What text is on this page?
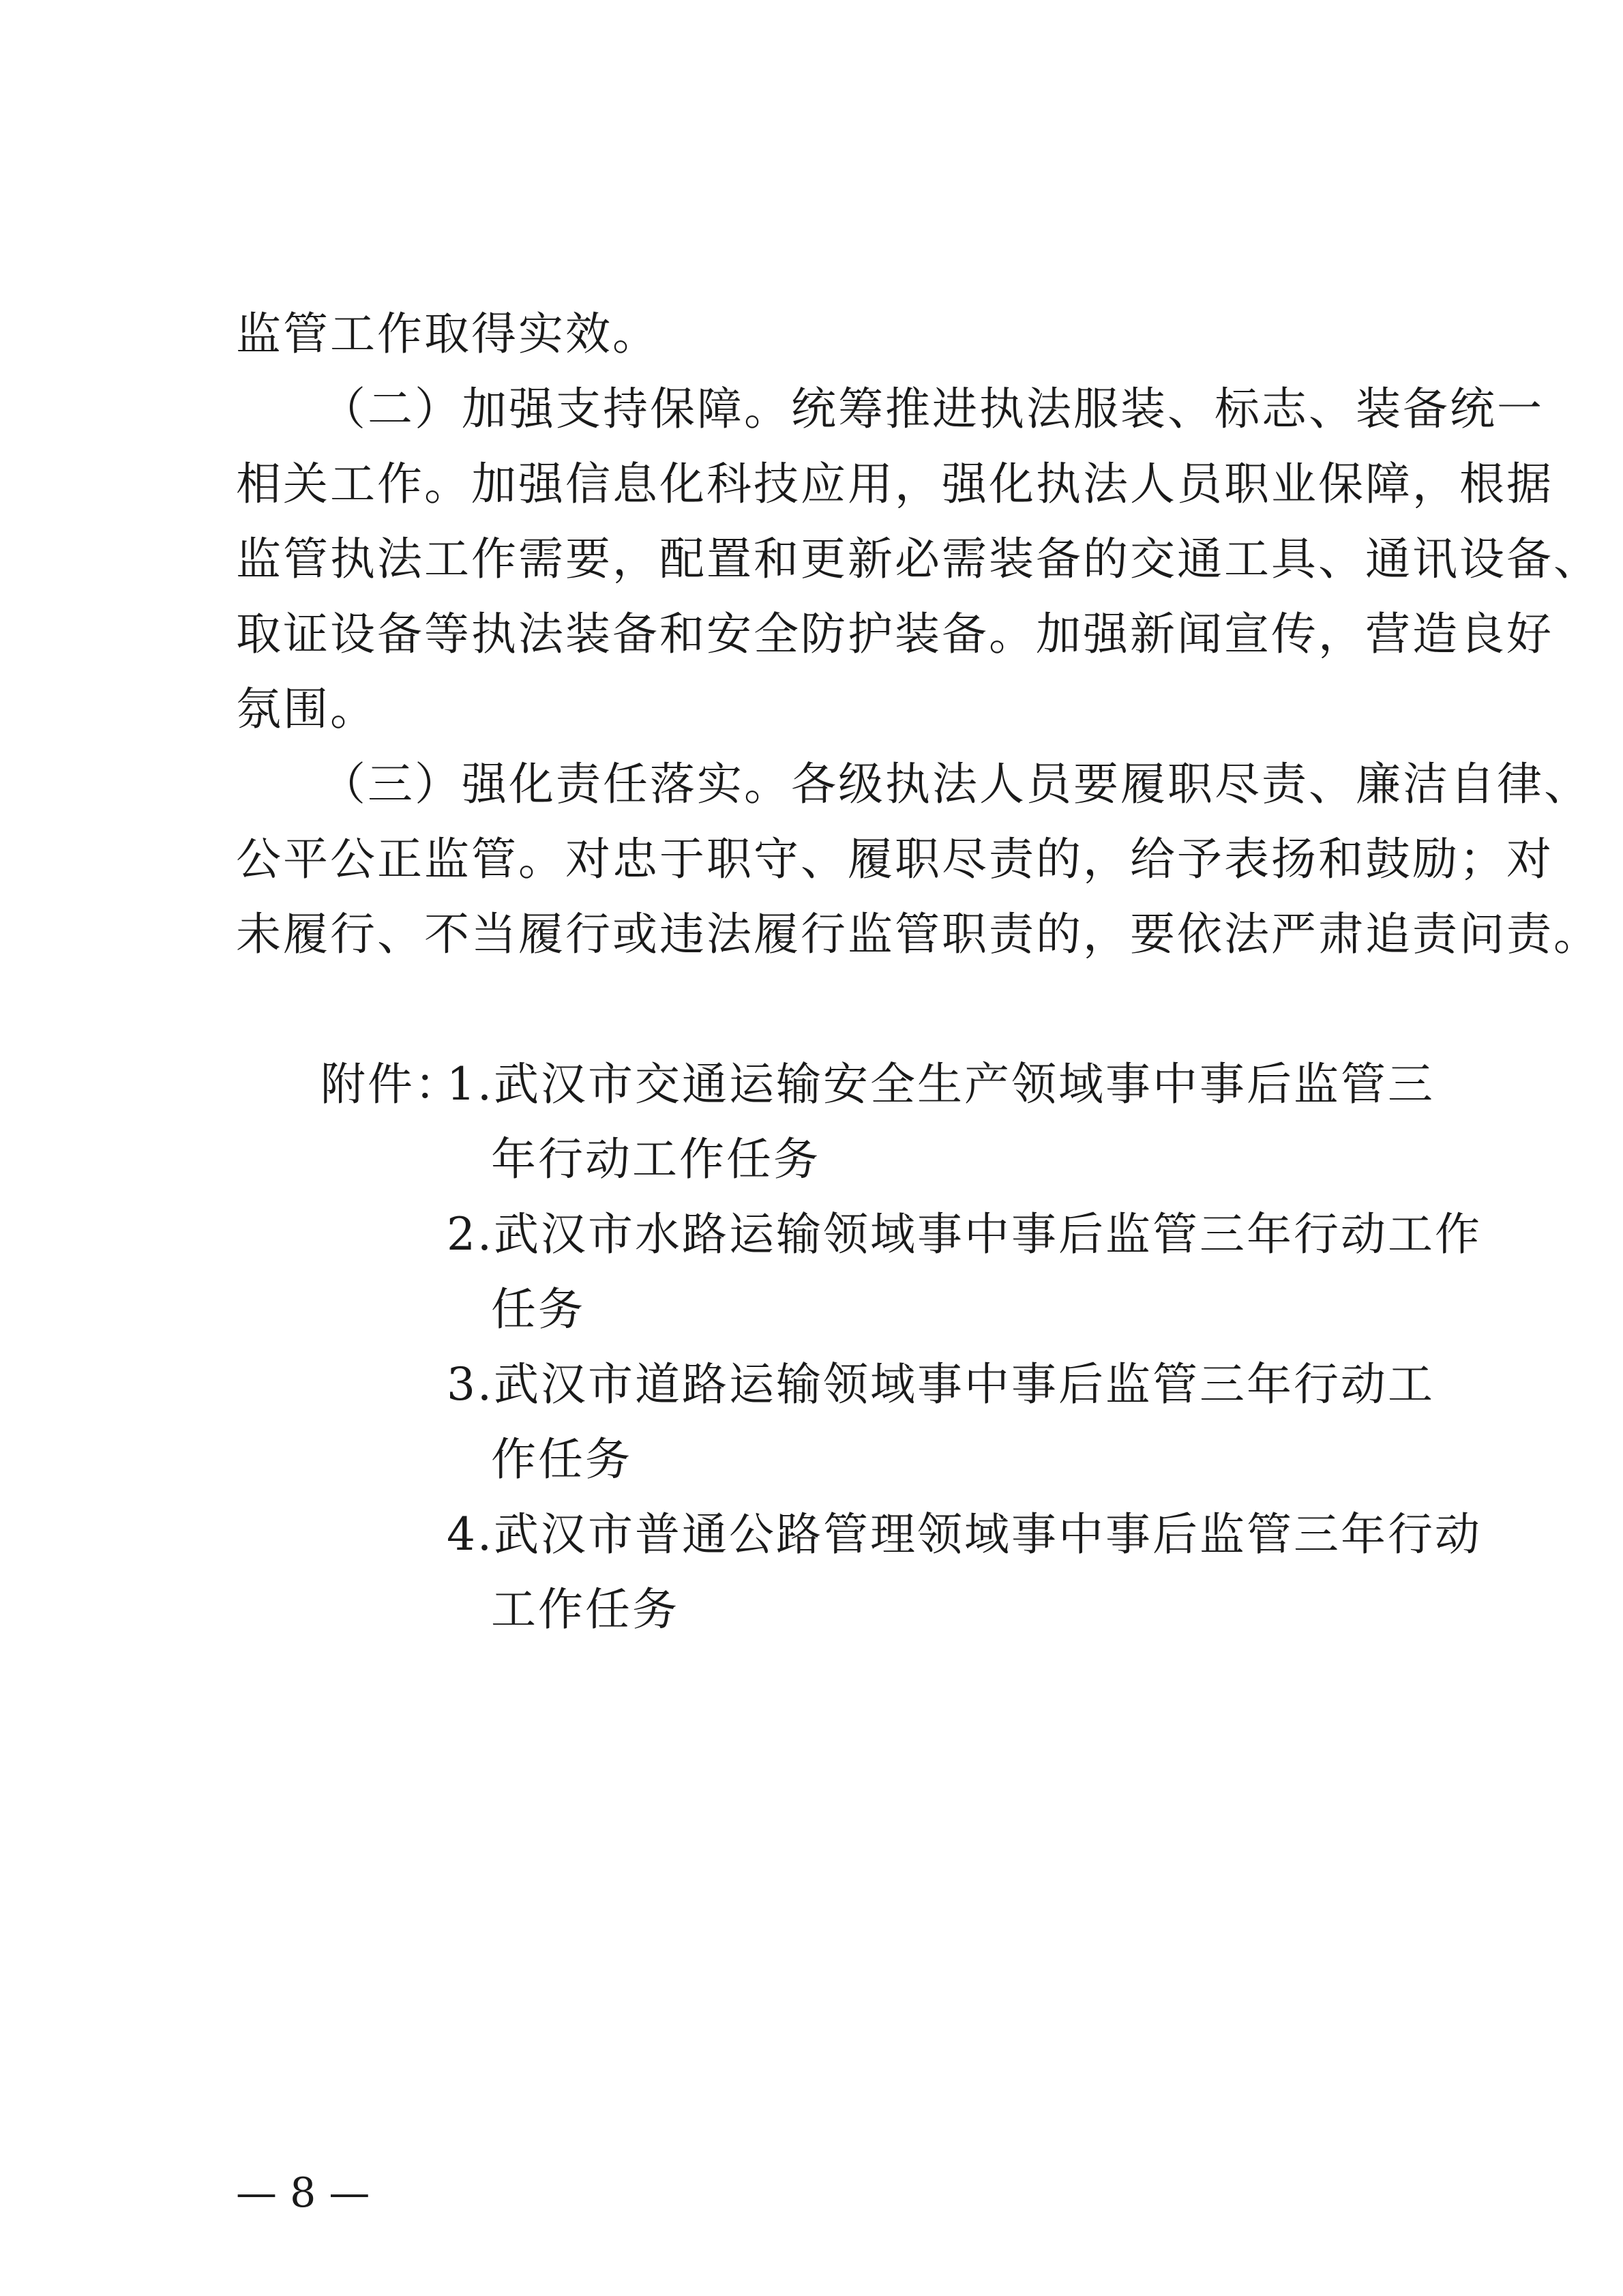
监管工作取得实效。
（ 二 ） 加 强 支 持 保 障 。 统 筹 推 进 执 法 服 装 、 标 志 、 装 备 统 一
相 关 工 作 。 加 强 信 息 化 科 技 应 用 ， 强 化 执 法 人 员 职 业 保 障 ， 根 据
监 管 执 法 工 作 需 要 ， 配 置 和 更 新 必 需 装 备 的 交 通 工 具 、 通 讯 设 备 、
取 证 设 备 等 执 法 装 备 和 安 全 防 护 装 备 。 加 强 新 闻 宣 传 ， 营 造 良 好
氛围。
（ 三 ） 强 化 责 任 落 实 。 各 级 执 法 人 员 要 履 职 尽 责 、 廉 洁 自 律 、
公 平 公 正 监 管 。 对 忠 于 职 守 、 履 职 尽 责 的 ， 给 予 表 扬 和 鼓 励 ； 对
未 履 行 、 不 当 履 行 或 违 法 履 行 监 管 职 责 的 ， 要 依 法 严 肃 追 责 问 责 。
附件：
1.武汉市交通运输安全生产领域事中事后监管三
年行动工作任务
2.武汉市水路运输领域事中事后监管三年行动工作
任务
3.武汉市道路运输领域事中事后监管三年行动工
作任务
4.武汉市普通公路管理领域事中事后监管三年行动
工作任务
— 8 —
